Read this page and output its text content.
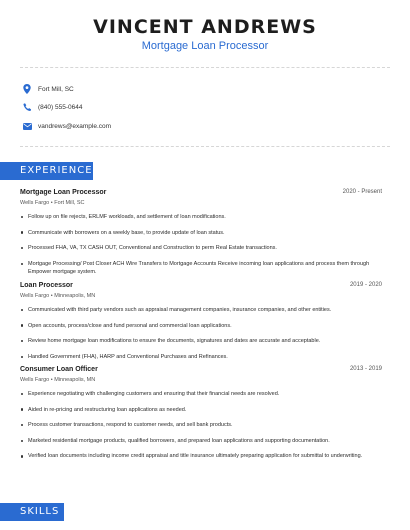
VINCENT ANDREWS
Mortgage Loan Processor
Fort Mill, SC
(840) 555-0644
vandrews@example.com
EXPERIENCE
Mortgage Loan Processor	2020 - Present
Wells Fargo • Fort Mill, SC
Follow up on file rejects, ERLMF workloads, and settlement of loan modifications.
Communicate with borrowers on a weekly base, to provide update of loan status.
Processed FHA, VA, TX CASH OUT, Conventional and Construction to perm Real Estate transactions.
Mortgage Processing/ Post Closer ACH Wire Transfers to Mortgage Accounts Receive incoming loan applications and process them through Empower mortgage system.
Loan Processor	2019 - 2020
Wells Fargo • Minneapolis, MN
Communicated with third party vendors such as appraisal management companies, insurance companies, and other entities.
Open accounts, process/close and fund personal and commercial loan applications.
Review home mortgage loan modifications to ensure the documents, signatures and dates are accurate and acceptable.
Handled Government (FHA), HARP and Conventional Purchases and Refinances.
Consumer Loan Officer	2013 - 2019
Wells Fargo • Minneapolis, MN
Experience negotiating with challenging customers and ensuring that their financial needs are resolved.
Aided in re-pricing and restructuring loan applications as needed.
Process customer transactions, respond to customer needs, and sell bank products.
Marketed residential mortgage products, qualified borrowers, and prepared loan applications and supporting documentation.
Verified loan documents including income credit appraisal and title insurance ultimately preparing application for submittal to underwriting.
SKILLS
